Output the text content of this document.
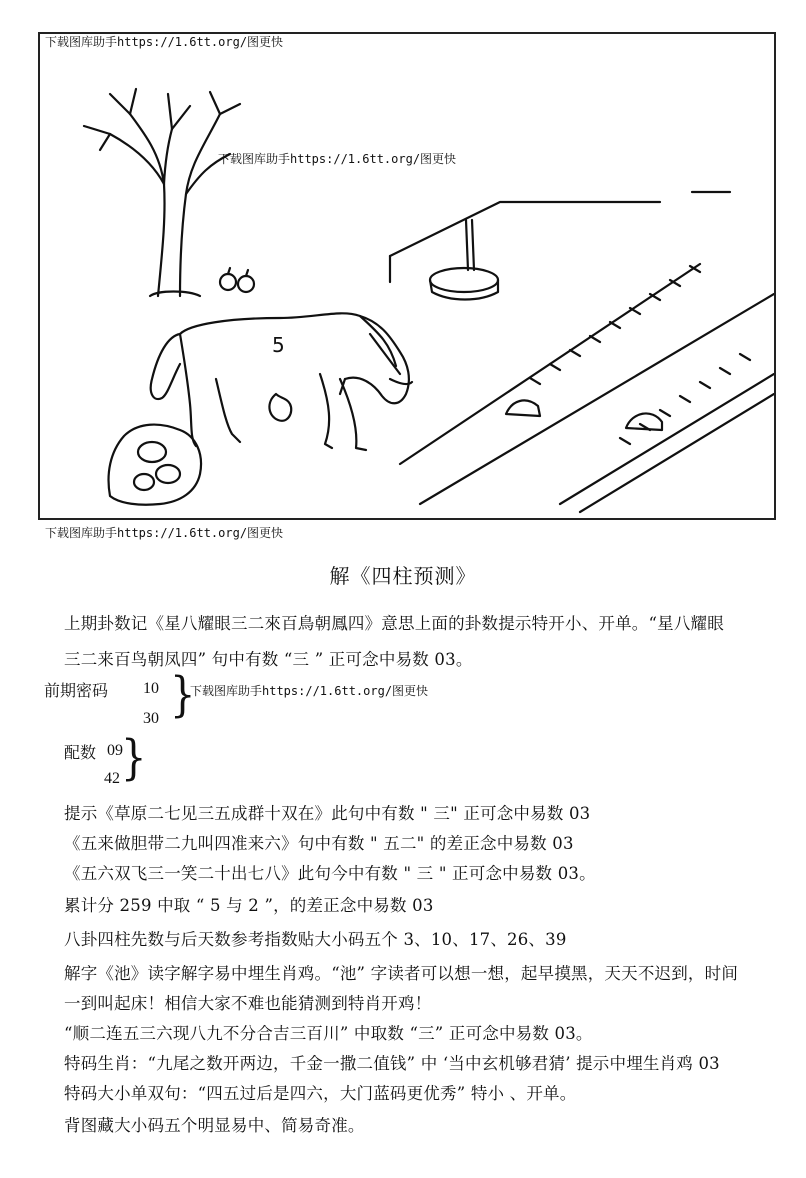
5
下载图库助手https://1.6tt.org/图更快
下载图库助手https://1.6tt.org/图更快
下载图库助手https://1.6tt.org/图更快
下载图库助手https://1.6tt.org/图更快
解《四柱预测》
上期卦数记《星八耀眼三二來百鳥朝鳳四》意思上面的卦数提示特开小、开单。“星八耀眼
三二来百鸟朝凤四” 句中有数 “三 ” 正可念中易数 03。
前期密码 10
30 }
配数 09
42 }
提示《草原二七见三五成群十双在》此句中有数 " 三" 正可念中易数 03
《五来做胆带二九叫四准来六》句中有数 " 五二" 的差正念中易数 03
《五六双飞三一笑二十出七八》此句今中有数 " 三 " 正可念中易数 03。
累计分 259 中取 “ 5 与 2 ”，的差正念中易数 03
八卦四柱先数与后天数参考指数贴大小码五个 3、10、17、26、39
解字《池》读字解字易中埋生肖鸡。“池” 字读者可以想一想，起早摸黑，天天不迟到，时间
一到叫起床！相信大家不难也能猜测到特肖开鸡！
“顺二连五三六现八九不分合吉三百川” 中取数 “三” 正可念中易数 03。
特码生肖：“九尾之数开两边，千金一撒二值钱” 中 ‘当中玄机够君猜’ 提示中埋生肖鸡 03
特码大小单双句：“四五过后是四六，大门蓝码更优秀” 特小 、开单。
背图藏大小码五个明显易中、简易奇准。
